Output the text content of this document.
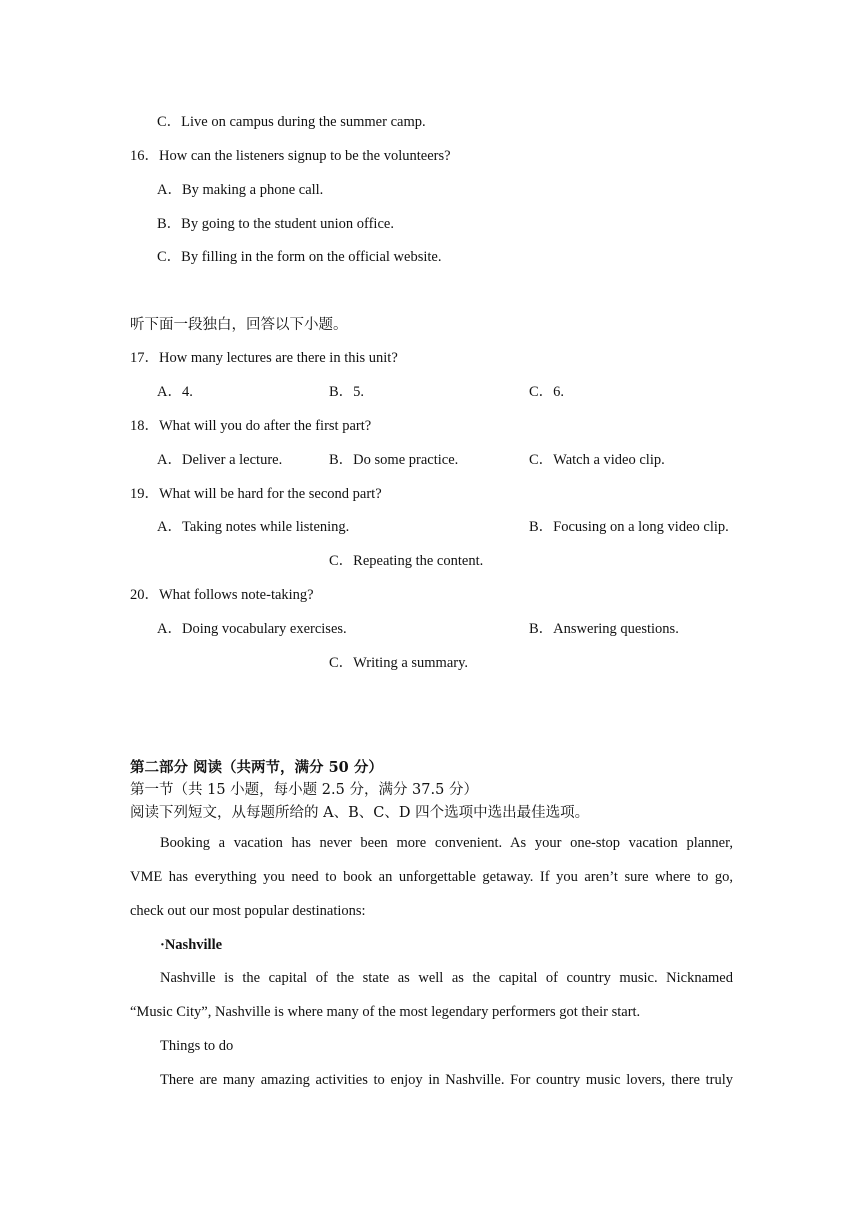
C．Live on campus during the summer camp.
16．How can the listeners signup to be the volunteers?
A．By making a phone call.
B．By going to the student union office.
C．By filling in the form on the official website.
听下面一段独白，回答以下小题。
17．How many lectures are there in this unit?
A．4.	B．5.	C．6.
18．What will you do after the first part?
A．Deliver a lecture.	B．Do some practice.	C．Watch a video clip.
19．What will be hard for the second part?
A．Taking notes while listening.	B．Focusing on a long video clip.
C．Repeating the content.
20．What follows note-taking?
A．Doing vocabulary exercises.	B．Answering questions.
C．Writing a summary.
第二部分 阅读（共两节，满分 50 分）
第一节（共 15 小题，每小题 2.5 分，满分 37.5 分）
阅读下列短文，从每题所给的 A、B、C、D 四个选项中选出最佳选项。
Booking a vacation has never been more convenient. As your one-stop vacation planner,
VME has everything you need to book an unforgettable getaway. If you aren’t sure where to go,
check out our most popular destinations:
·Nashville
Nashville is the capital of the state as well as the capital of country music. Nicknamed
“Music City”, Nashville is where many of the most legendary performers got their start.
Things to do
There are many amazing activities to enjoy in Nashville. For country music lovers, there truly
